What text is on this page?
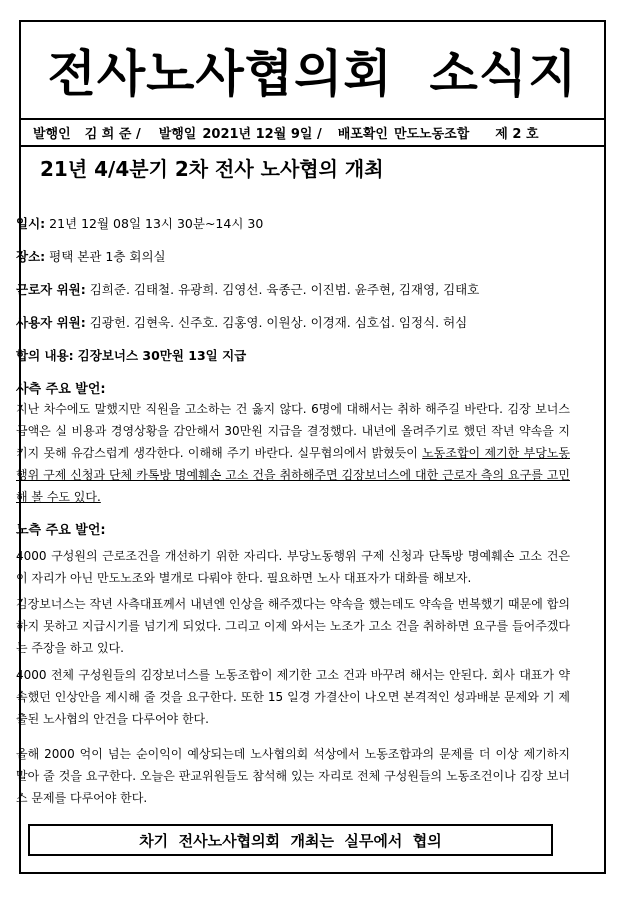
전사노사협의회  소식지
발행인 김 희 준 / 발행일 2021년 12월 9일 / 배포확인 만도노동조합 제 2 호
21년 4/4분기 2차 전사 노사협의 개최
일시: 21년 12월 08일 13시 30분~14시 30
장소: 평택 본관 1층 회의실
근로자 위원: 김희준. 김태철. 유광희. 김영선. 육종근. 이진범. 윤주현, 김재영, 김태호
사용자 위원: 김광헌. 김현욱. 신주호. 김홍영. 이원상. 이경재. 심호섭. 임정식. 허심
합의 내용: 김장보너스 30만원 13일 지급
사측 주요 발언:
지난 차수에도 말했지만 직원을 고소하는 건 옳지 않다. 6명에 대해서는 취하 해주길 바란다. 김장 보너스 금액은 실 비용과 경영상황을 감안해서 30만원 지급을 결정했다. 내년에 올려주기로 했던 작년 약속을 지키지 못해 유감스럽게 생각한다. 이해해 주기 바란다. 실무협의에서 밝혔듯이 노동조합이 제기한 부당노동행위 구제 신청과 단체 카톡방 명예훼손 고소 건을 취하해주면 김장보너스에 대한 근로자 측의 요구를 고민해 볼 수도 있다.
노측 주요 발언:
4000 구성원의 근로조건을 개선하기 위한 자리다. 부당노동행위 구제 신청과 단톡방 명예훼손 고소 건은 이 자리가 아닌 만도노조와 별개로 다뤄야 한다. 필요하면 노사 대표자가 대화를 해보자.
김장보너스는 작년 사측대표께서 내년엔 인상을 해주겠다는 약속을 했는데도 약속을 번복했기 때문에 합의하지 못하고 지급시기를 넘기게 되었다. 그리고 이제 와서는 노조가 고소 건을 취하하면 요구를 들어주겠다는 주장을 하고 있다.
4000 전체 구성원들의 김장보너스를 노동조합이 제기한 고소 건과 바꾸려 해서는 안된다. 회사 대표가 약속했던 인상안을 제시해 줄 것을 요구한다. 또한 15 일경 가결산이 나오면 본격적인 성과배분 문제와 기 제출된 노사협의 안건을 다루어야 한다.
올해 2000 억이 넘는 순이익이 예상되는데 노사협의회 석상에서 노동조합과의 문제를 더 이상 제기하지 말아 줄 것을 요구한다. 오늘은 판교위원들도 참석해 있는 자리로 전체 구성원들의 노동조건이나 김장 보너스 문제를 다루어야 한다.
차기  전사노사협의회  개최는  실무에서  협의
